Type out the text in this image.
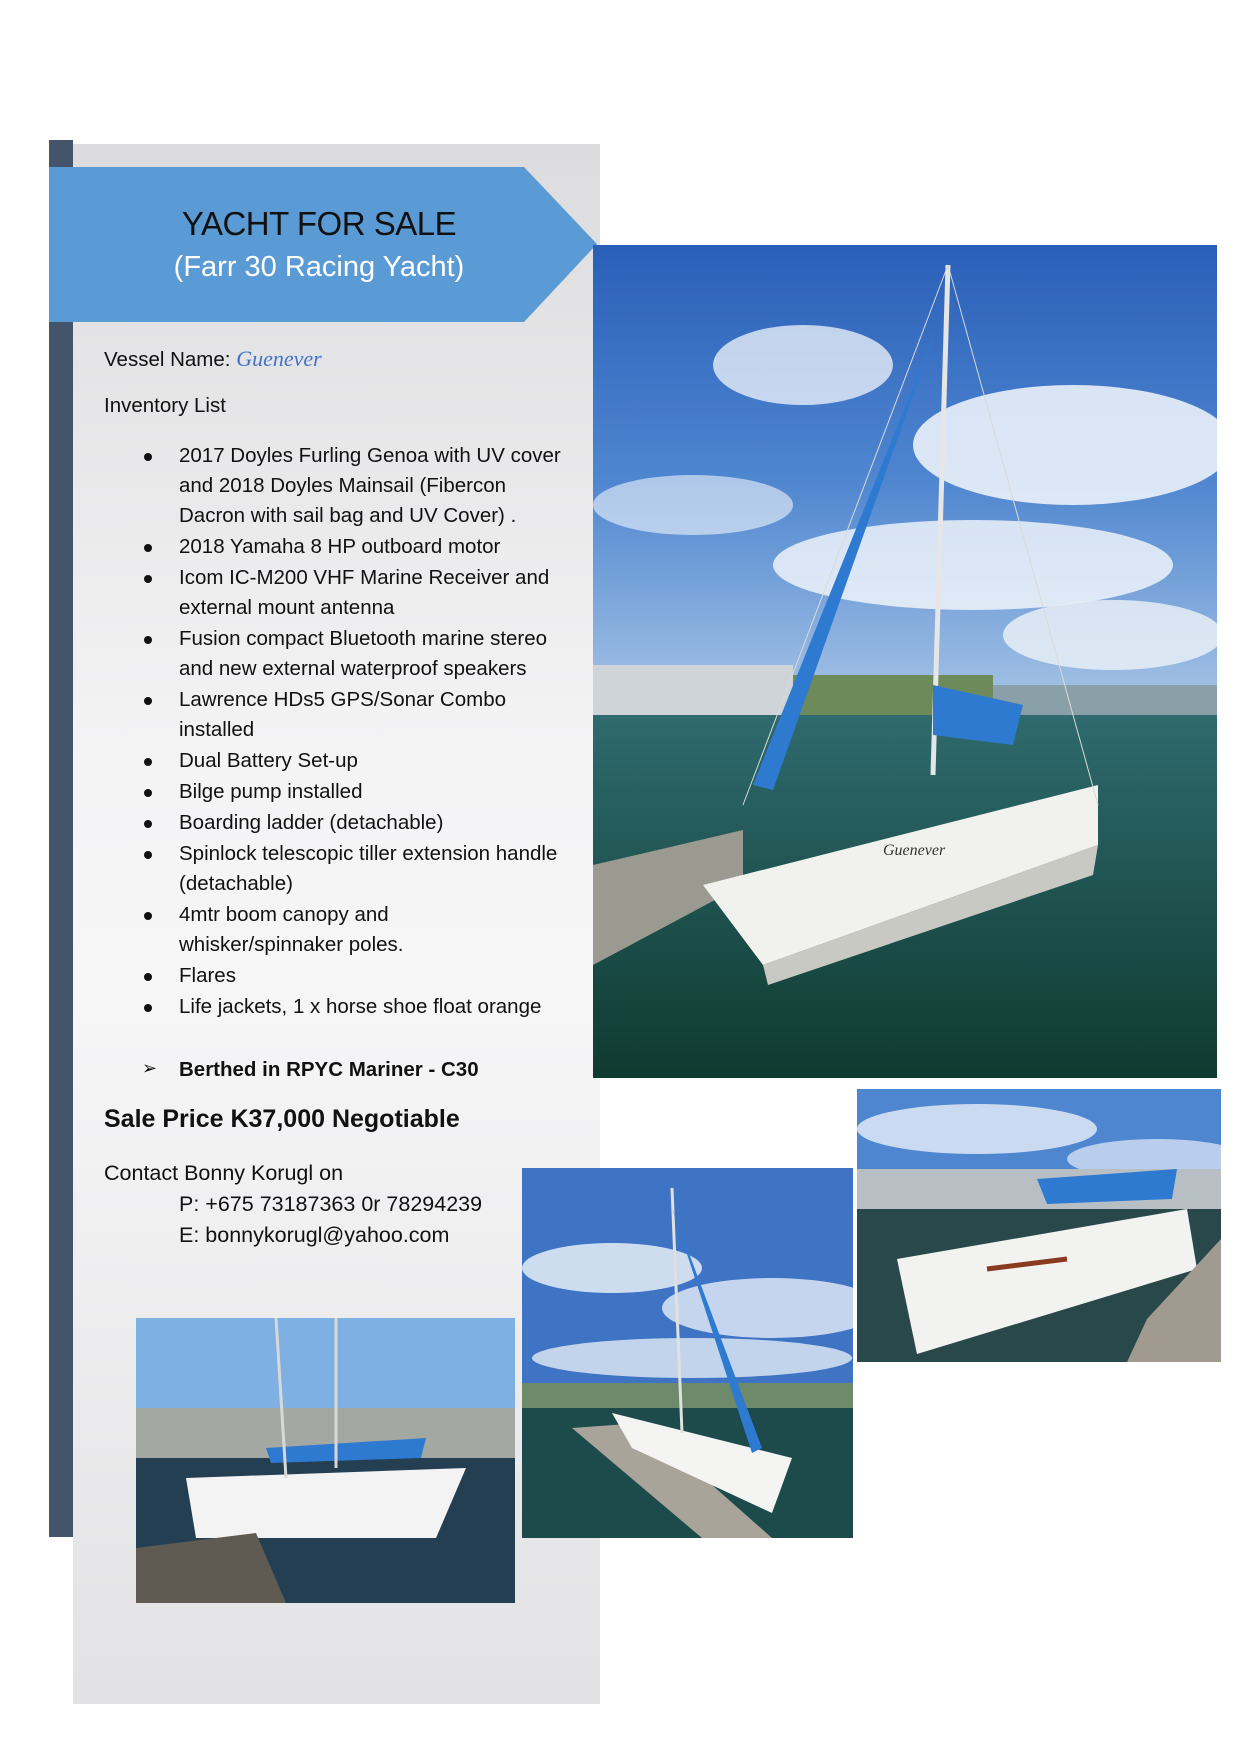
YACHT FOR SALE
(Farr 30 Racing Yacht)
Vessel Name: Guenever
Inventory List
2017 Doyles Furling Genoa with UV cover
and 2018 Doyles Mainsail (Fibercon
Dacron with sail bag and UV Cover) .
2018 Yamaha 8 HP outboard motor
Icom IC-M200 VHF Marine Receiver and
external mount antenna
Fusion compact Bluetooth marine stereo
and new external waterproof speakers
Lawrence HDs5 GPS/Sonar Combo
installed
Dual Battery Set-up
Bilge pump installed
Boarding ladder (detachable)
Spinlock telescopic tiller extension handle
(detachable)
4mtr boom canopy and
whisker/spinnaker poles.
Flares
Life jackets, 1 x horse shoe float orange
➢ Berthed in RPYC Mariner - C30
Sale Price K37,000 Negotiable
Contact Bonny Korugl on
P: +675 73187363 0r 78294239
E: bonnykorugl@yahoo.com
Guenever
